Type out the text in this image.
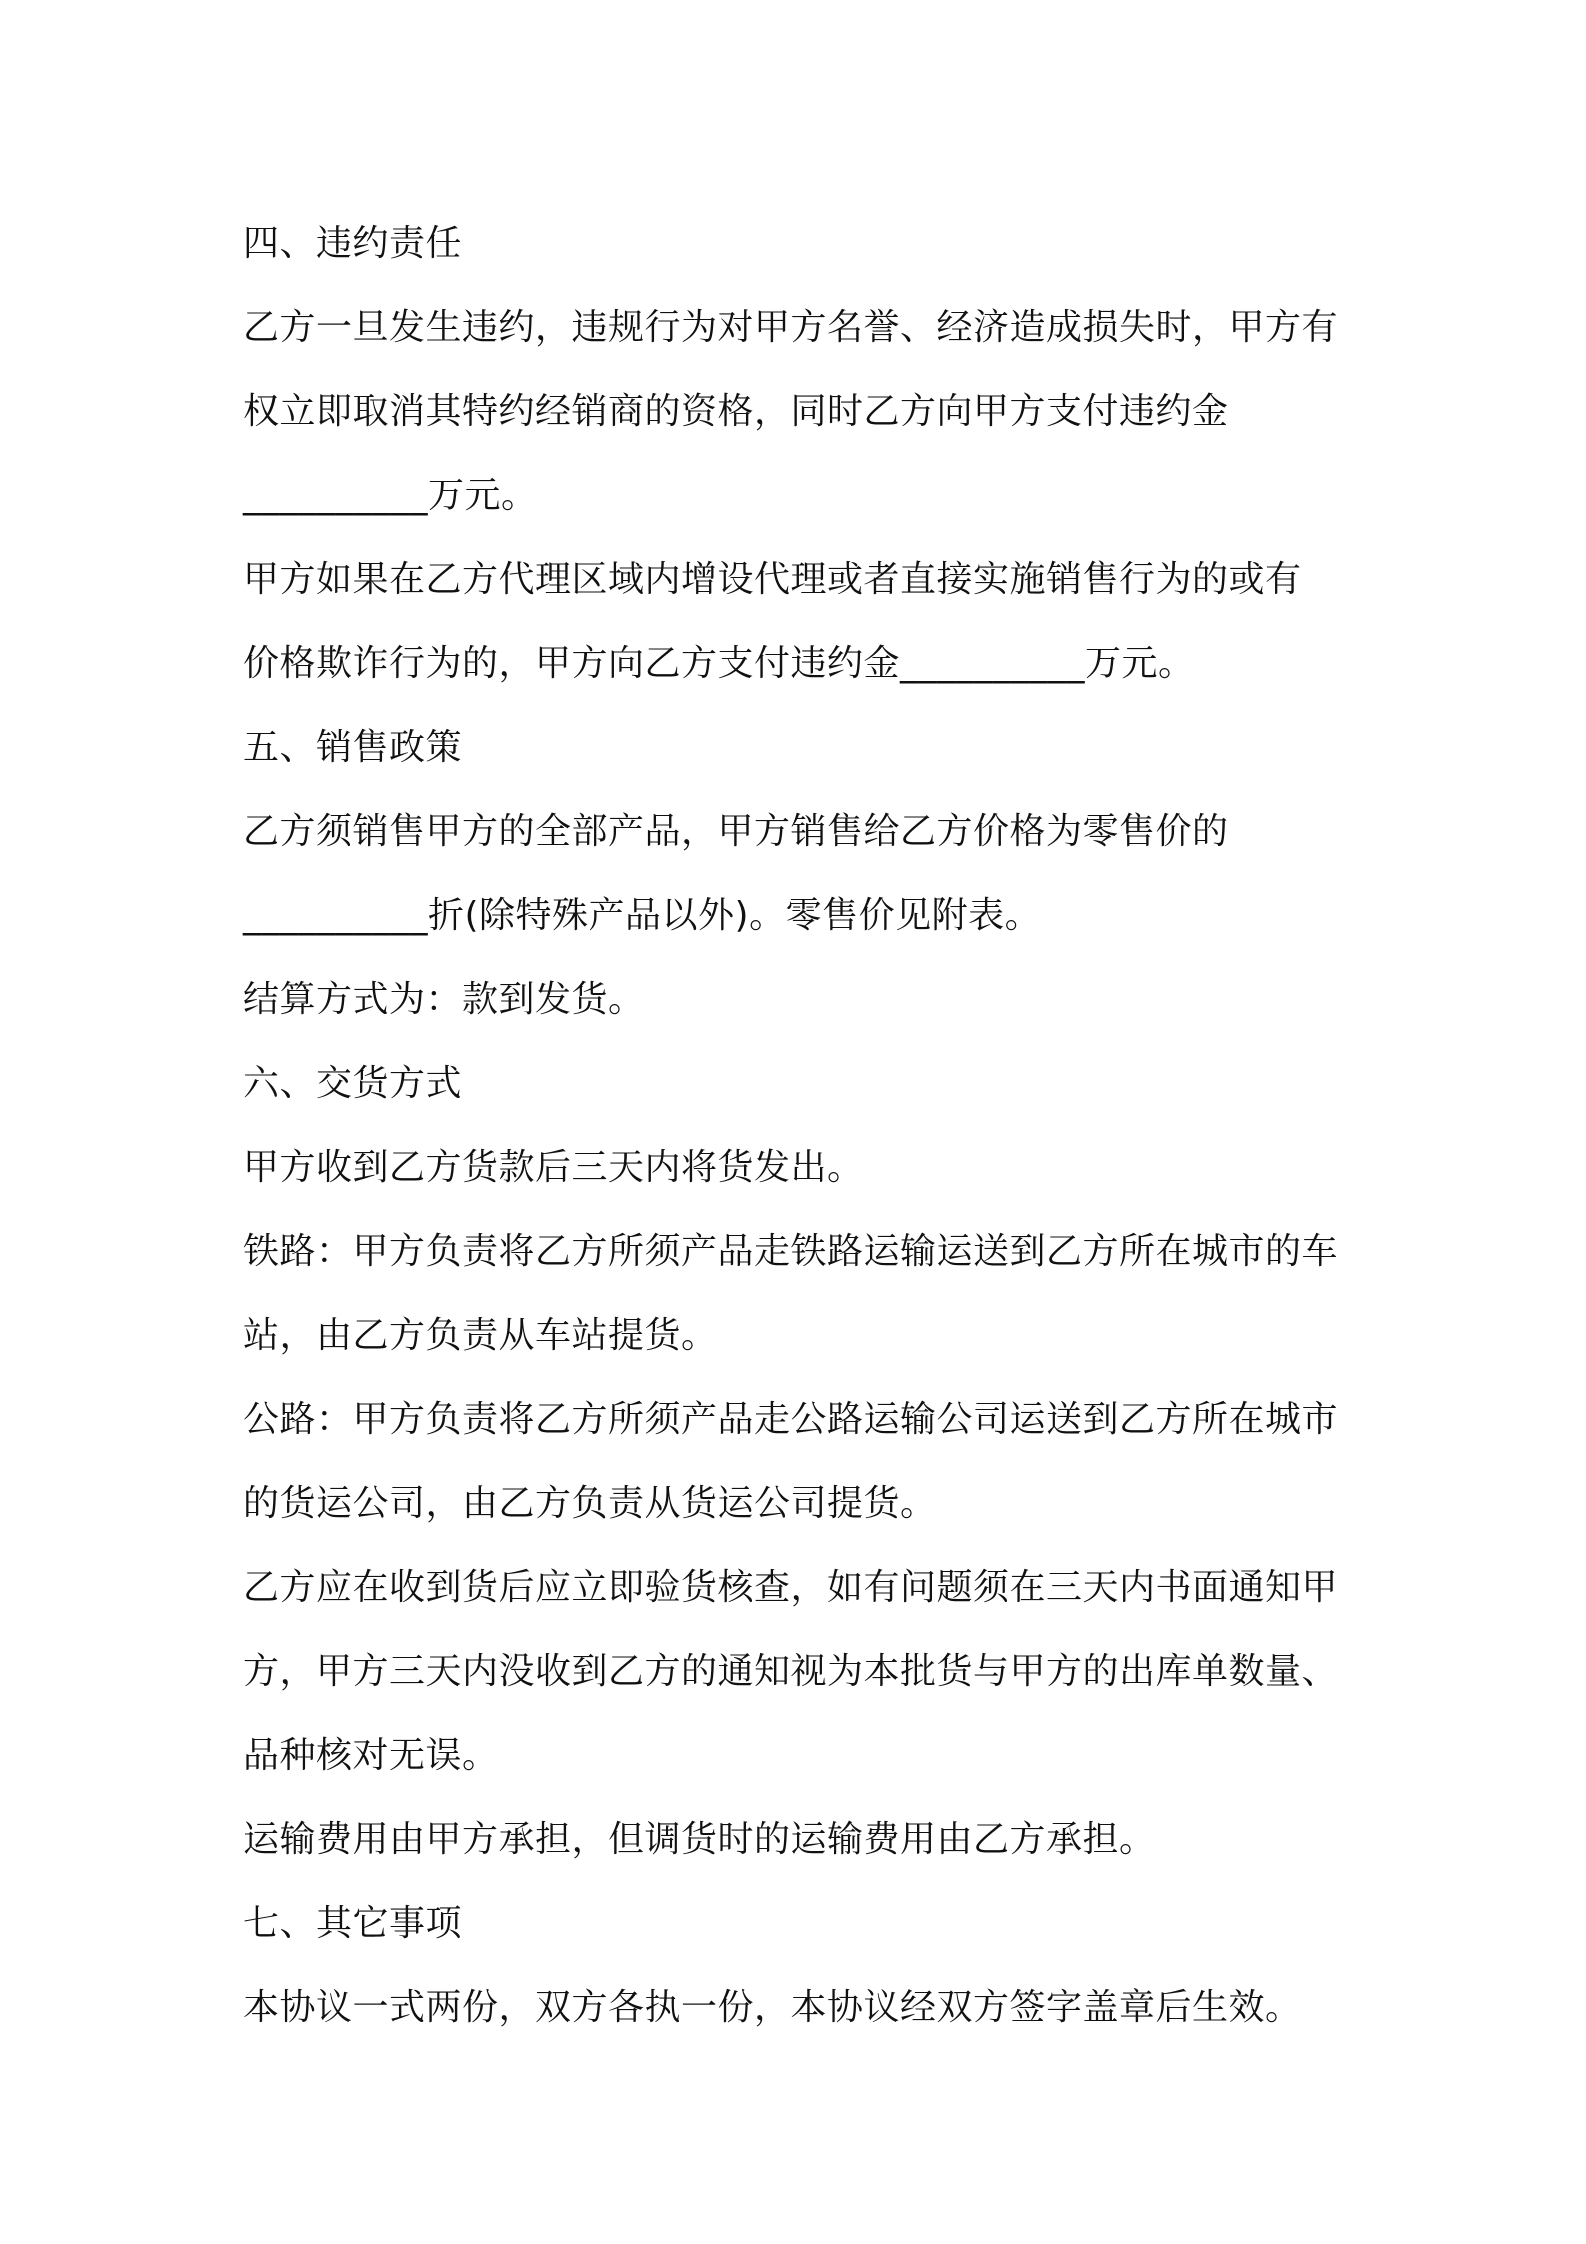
四、违约责任
乙方一旦发生违约，违规行为对甲方名誉、经济造成损失时，甲方有
权立即取消其特约经销商的资格，同时乙方向甲方支付违约金
__________万元。
甲方如果在乙方代理区域内增设代理或者直接实施销售行为的或有
价格欺诈行为的，甲方向乙方支付违约金__________万元。
五、销售政策
乙方须销售甲方的全部产品，甲方销售给乙方价格为零售价的
__________折(除特殊产品以外)。零售价见附表。
结算方式为：款到发货。
六、交货方式
甲方收到乙方货款后三天内将货发出。
铁路：甲方负责将乙方所须产品走铁路运输运送到乙方所在城市的车
站，由乙方负责从车站提货。
公路：甲方负责将乙方所须产品走公路运输公司运送到乙方所在城市
的货运公司，由乙方负责从货运公司提货。
乙方应在收到货后应立即验货核查，如有问题须在三天内书面通知甲
方，甲方三天内没收到乙方的通知视为本批货与甲方的出库单数量、
品种核对无误。
运输费用由甲方承担，但调货时的运输费用由乙方承担。
七、其它事项
本协议一式两份，双方各执一份，本协议经双方签字盖章后生效。
